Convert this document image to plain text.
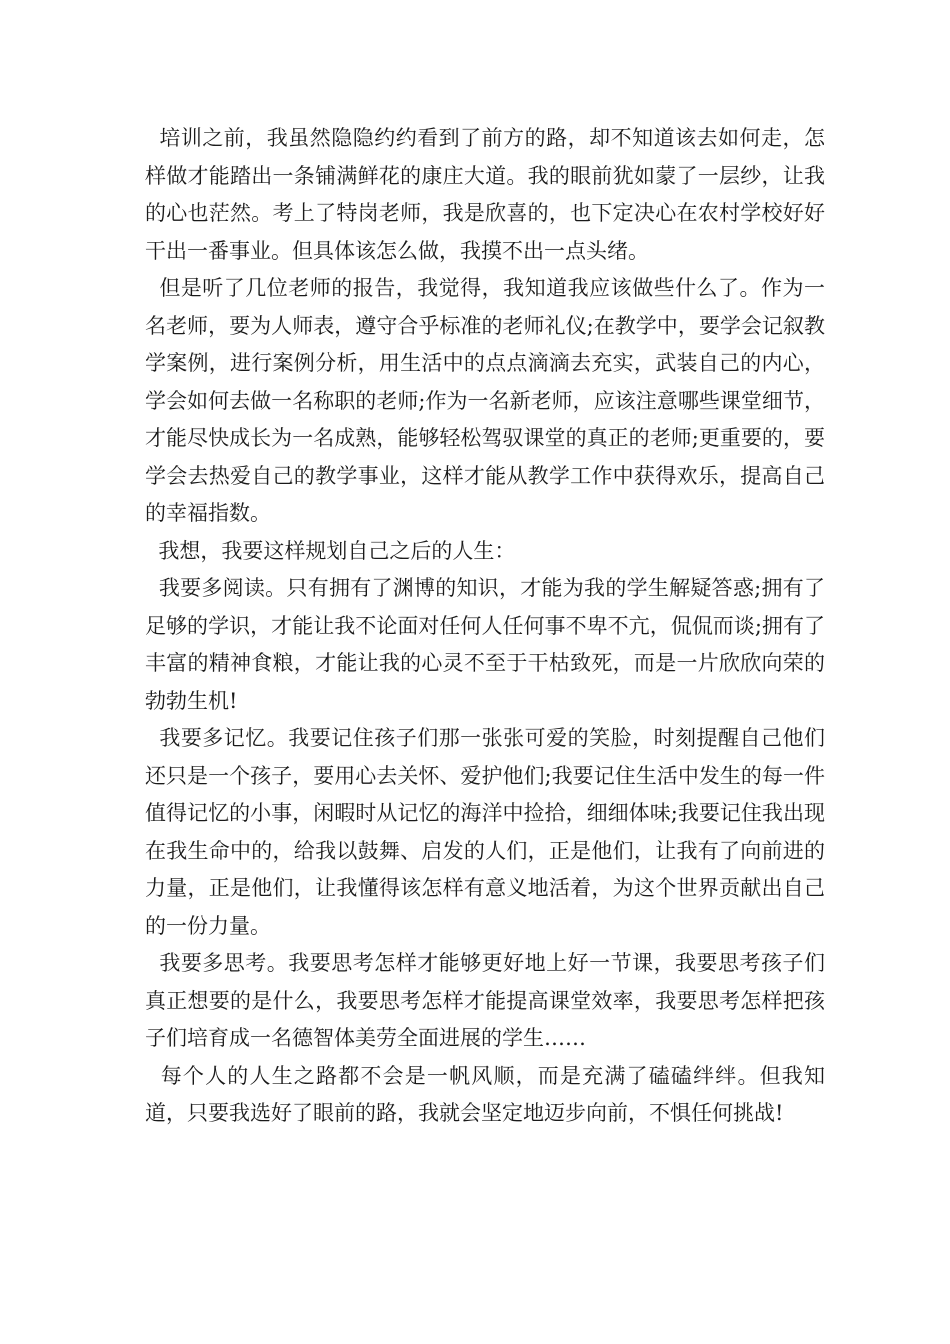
培训之前，我虽然隐隐约约看到了前方的路，却不知道该去如何走，怎样做才能踏出一条铺满鲜花的康庄大道。我的眼前犹如蒙了一层纱，让我的心也茫然。考上了特岗老师，我是欣喜的，也下定决心在农村学校好好干出一番事业。但具体该怎么做，我摸不出一点头绪。

但是听了几位老师的报告，我觉得，我知道我应该做些什么了。作为一名老师，要为人师表，遵守合乎标准的老师礼仪;在教学中，要学会记叙教学案例，进行案例分析，用生活中的点点滴滴去充实，武装自己的内心，学会如何去做一名称职的老师;作为一名新老师，应该注意哪些课堂细节，才能尽快成长为一名成熟，能够轻松驾驭课堂的真正的老师;更重要的，要学会去热爱自己的教学事业，这样才能从教学工作中获得欢乐，提高自己的幸福指数。

我想，我要这样规划自己之后的人生：

我要多阅读。只有拥有了渊博的知识，才能为我的学生解疑答惑;拥有了足够的学识，才能让我不论面对任何人任何事不卑不亢，侃侃而谈;拥有了丰富的精神食粮，才能让我的心灵不至于干枯致死，而是一片欣欣向荣的勃勃生机!

我要多记忆。我要记住孩子们那一张张可爱的笑脸，时刻提醒自己他们还只是一个孩子，要用心去关怀、爱护他们;我要记住生活中发生的每一件值得记忆的小事，闲暇时从记忆的海洋中捡拾，细细体味;我要记住我出现在我生命中的，给我以鼓舞、启发的人们，正是他们，让我有了向前进的力量，正是他们，让我懂得该怎样有意义地活着，为这个世界贡献出自己的一份力量。

我要多思考。我要思考怎样才能够更好地上好一节课，我要思考孩子们真正想要的是什么，我要思考怎样才能提高课堂效率，我要思考怎样把孩子们培育成一名德智体美劳全面进展的学生……

每个人的人生之路都不会是一帆风顺，而是充满了磕磕绊绊。但我知道，只要我选好了眼前的路，我就会坚定地迈步向前，不惧任何挑战!
